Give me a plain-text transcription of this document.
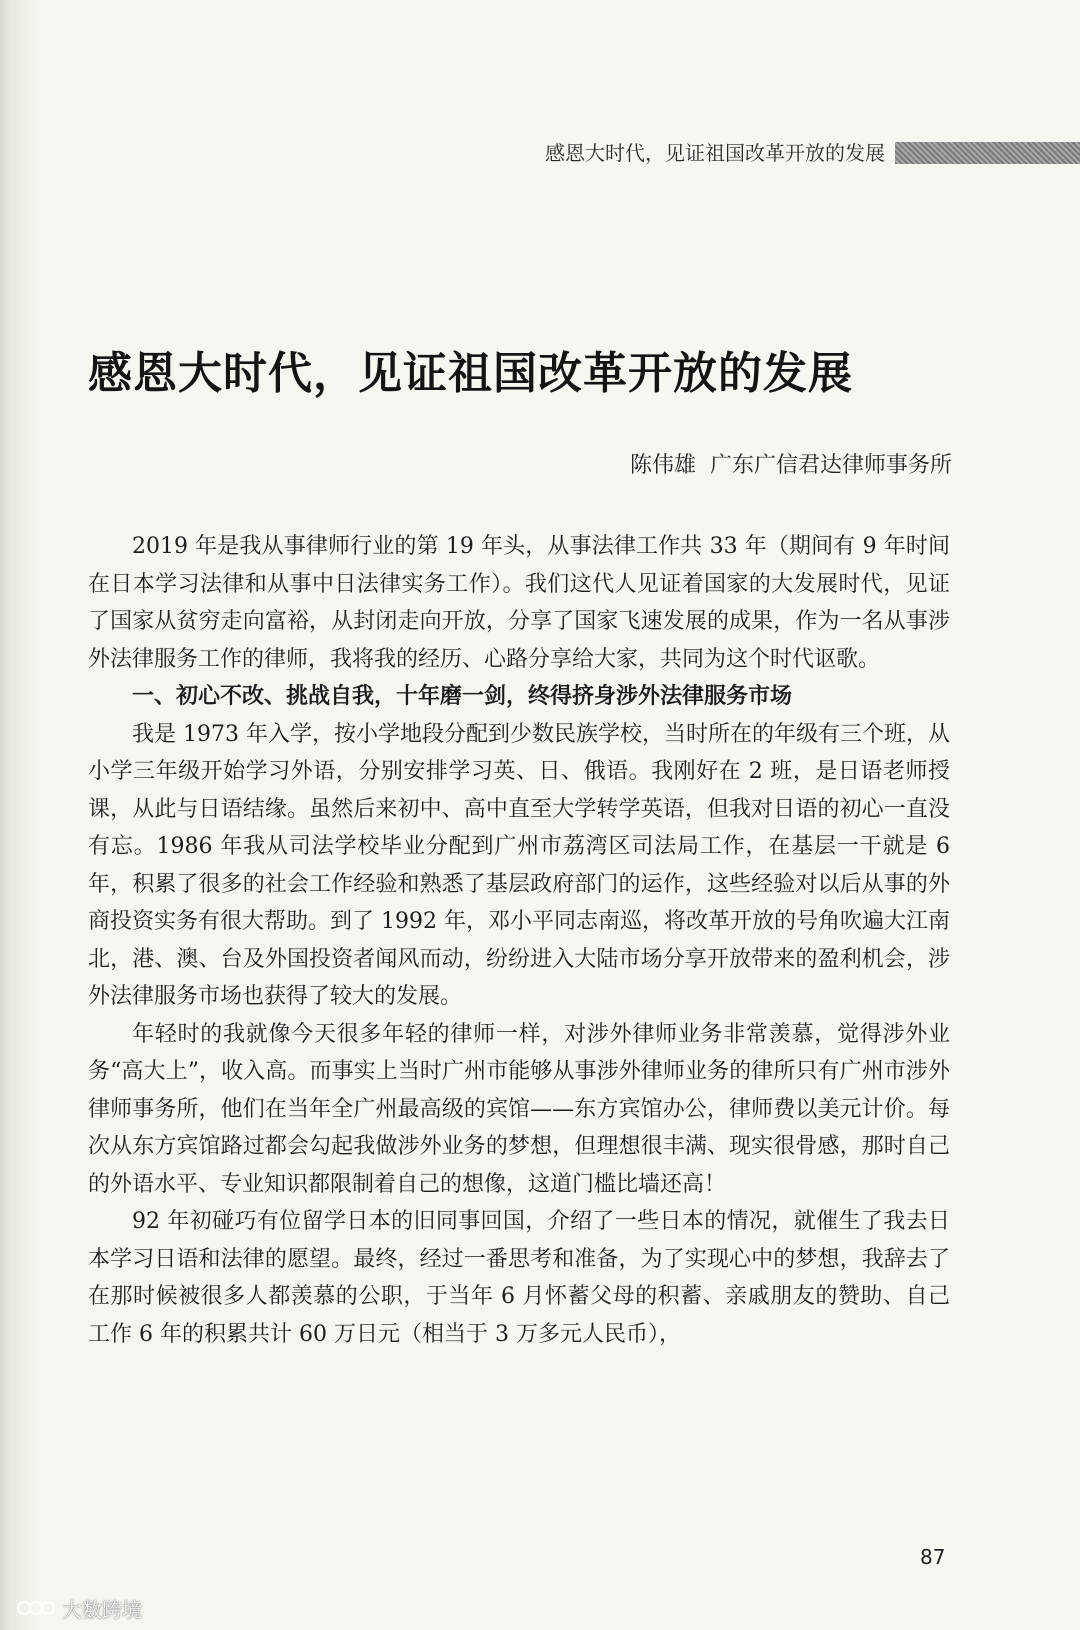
感恩大时代，见证祖国改革开放的发展
感恩大时代，见证祖国改革开放的发展
陈伟雄 广东广信君达律师事务所

2019 年是我从事律师行业的第 19 年头，从事法律工作共 33 年（期间有 9 年时间在日本学习法律和从事中日法律实务工作）。我们这代人见证着国家的大发展时代，见证了国家从贫穷走向富裕，从封闭走向开放，分享了国家飞速发展的成果，作为一名从事涉外法律服务工作的律师，我将我的经历、心路分享给大家，共同为这个时代讴歌。

一、初心不改、挑战自我，十年磨一剑，终得挤身涉外法律服务市场

我是 1973 年入学，按小学地段分配到少数民族学校，当时所在的年级有三个班，从小学三年级开始学习外语，分别安排学习英、日、俄语。我刚好在 2 班，是日语老师授课，从此与日语结缘。虽然后来初中、高中直至大学转学英语，但我对日语的初心一直没有忘。1986 年我从司法学校毕业分配到广州市荔湾区司法局工作，在基层一干就是 6 年，积累了很多的社会工作经验和熟悉了基层政府部门的运作，这些经验对以后从事的外商投资实务有很大帮助。到了 1992 年，邓小平同志南巡，将改革开放的号角吹遍大江南北，港、澳、台及外国投资者闻风而动，纷纷进入大陆市场分享开放带来的盈利机会，涉外法律服务市场也获得了较大的发展。

年轻时的我就像今天很多年轻的律师一样，对涉外律师业务非常羡慕，觉得涉外业务“高大上”，收入高。而事实上当时广州市能够从事涉外律师业务的律所只有广州市涉外律师事务所，他们在当年全广州最高级的宾馆——东方宾馆办公，律师费以美元计价。每次从东方宾馆路过都会勾起我做涉外业务的梦想，但理想很丰满、现实很骨感，那时自己的外语水平、专业知识都限制着自己的想像，这道门槛比墙还高！

92 年初碰巧有位留学日本的旧同事回国，介绍了一些日本的情况，就催生了我去日本学习日语和法律的愿望。最终，经过一番思考和准备，为了实现心中的梦想，我辞去了在那时候被很多人都羡慕的公职，于当年 6 月怀蓄父母的积蓄、亲戚朋友的赞助、自己工作 6 年的积累共计 60 万日元（相当于 3 万多元人民币），

87
大数跨境
